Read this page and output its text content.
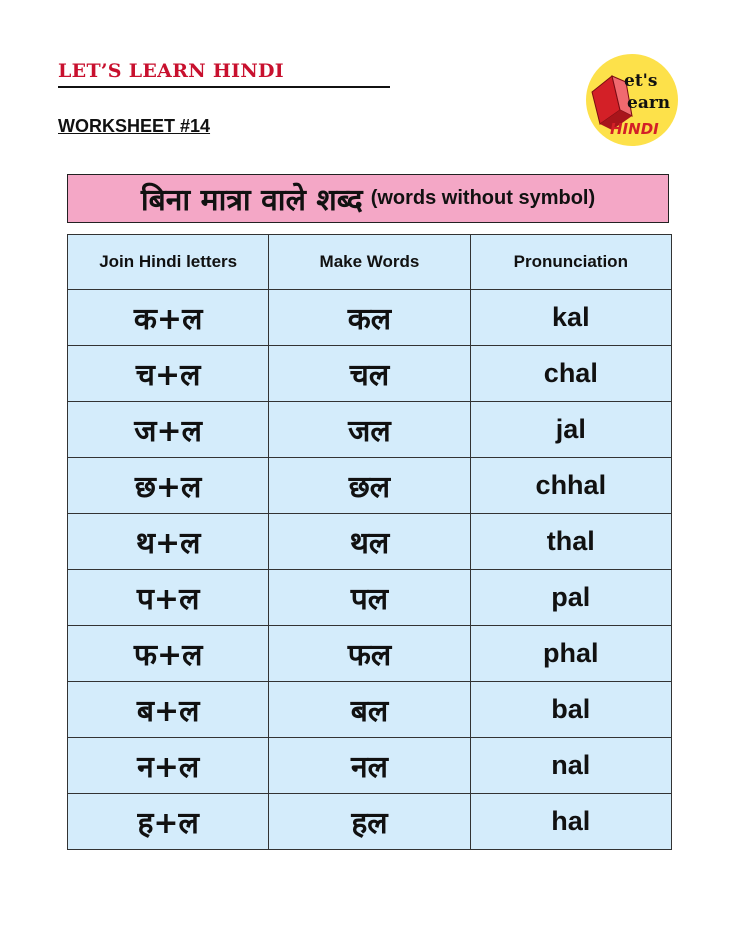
LET’S LEARN HINDI
WORKSHEET #14
et's
earn
HINDI
बिना मात्रा वाले शब्द (words without symbol)
Join Hindi letters	Make Words	Pronunciation
क+ल	कल	kal
च+ल	चल	chal
ज+ल	जल	jal
छ+ल	छल	chhal
थ+ल	थल	thal
प+ल	पल	pal
फ+ल	फल	phal
ब+ल	बल	bal
न+ल	नल	nal
ह+ल	हल	hal
